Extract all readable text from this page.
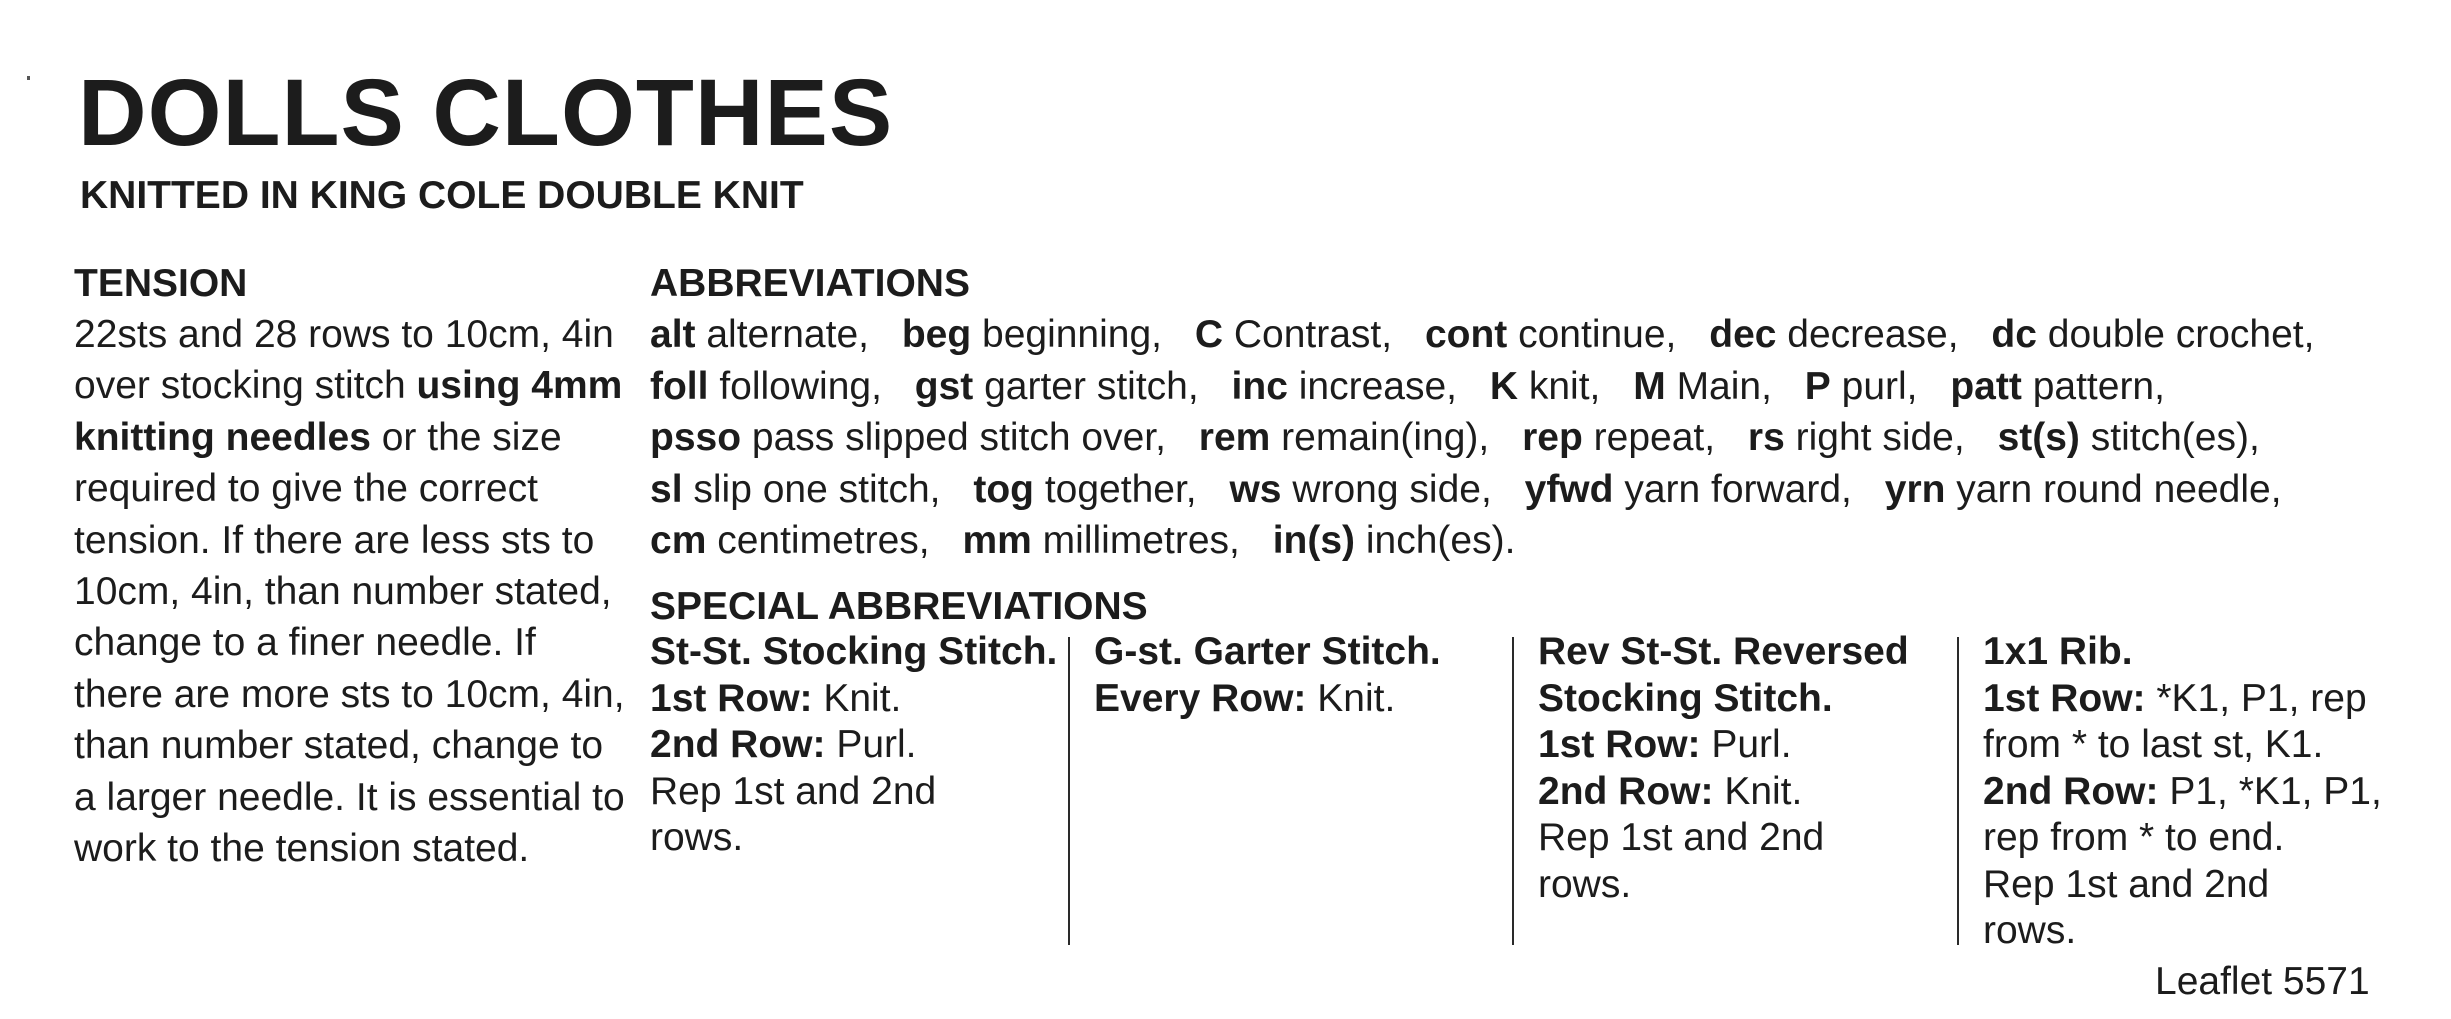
DOLLS CLOTHES
KNITTED IN KING COLE DOUBLE KNIT
TENSION
22sts and 28 rows to 10cm, 4in over stocking stitch using 4mm knitting needles or the size required to give the correct tension. If there are less sts to 10cm, 4in, than number stated, change to a finer needle. If there are more sts to 10cm, 4in, than number stated, change to a larger needle. It is essential to work to the tension stated.
ABBREVIATIONS
alt alternate, beg beginning, C Contrast, cont continue, dec decrease, dc double crochet, foll following, gst garter stitch, inc increase, K knit, M Main, P purl, patt pattern, psso pass slipped stitch over, rem remain(ing), rep repeat, rs right side, st(s) stitch(es), sl slip one stitch, tog together, ws wrong side, yfwd yarn forward, yrn yarn round needle, cm centimetres, mm millimetres, in(s) inch(es).
SPECIAL ABBREVIATIONS
St-St. Stocking Stitch.
1st Row: Knit.
2nd Row: Purl.
Rep 1st and 2nd rows.
G-st. Garter Stitch.
Every Row: Knit.
Rev St-St. Reversed Stocking Stitch.
1st Row: Purl.
2nd Row: Knit.
Rep 1st and 2nd rows.
1x1 Rib.
1st Row: *K1, P1, rep from * to last st, K1.
2nd Row: P1, *K1, P1, rep from * to end.
Rep 1st and 2nd rows.
Leaflet 5571
